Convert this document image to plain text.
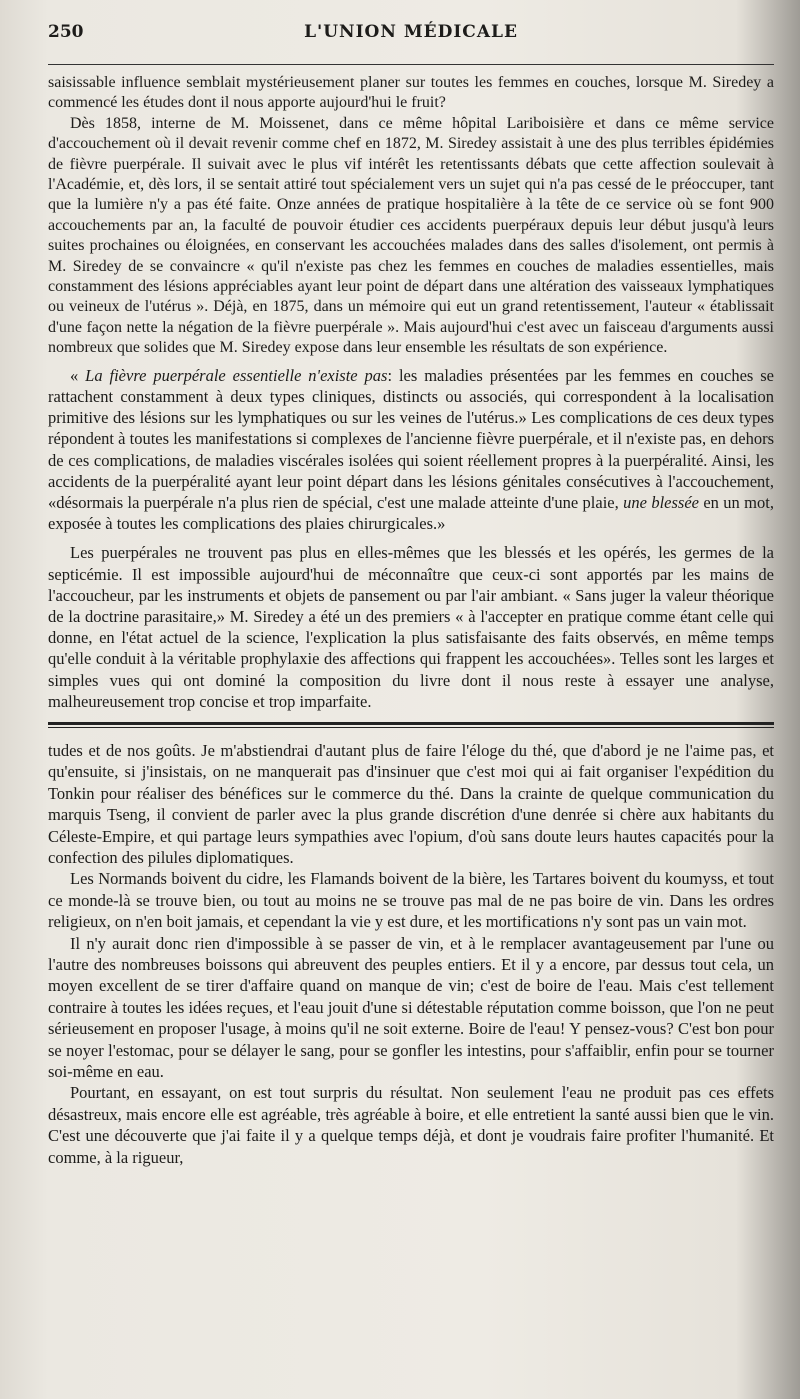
250	L'UNION MÉDICALE

saisissable influence semblait mystérieusement planer sur toutes les femmes en couches, lorsque M. Siredey a commencé les études dont il nous apporte aujourd'hui le fruit?

Dès 1858, interne de M. Moissenet, dans ce même hôpital Lariboisière et dans ce même service d'accouchement où il devait revenir comme chef en 1872, M. Siredey assistait à une des plus terribles épidémies de fièvre puerpérale. Il suivait avec le plus vif intérêt les retentissants débats que cette affection soulevait à l'Académie, et, dès lors, il se sentait attiré tout spécialement vers un sujet qui n'a pas cessé de le préoccuper, tant que la lumière n'y a pas été faite. Onze années de pratique hospitalière à la tête de ce service où se font 900 accouchements par an, la faculté de pouvoir étudier ces accidents puerpéraux depuis leur début jusqu'à leurs suites prochaines ou éloignées, en conservant les accouchées malades dans des salles d'isolement, ont permis à M. Siredey de se convaincre « qu'il n'existe pas chez les femmes en couches de maladies essentielles, mais constamment des lésions appréciables ayant leur point de départ dans une altération des vaisseaux lymphatiques ou veineux de l'utérus ». Déjà, en 1875, dans un mémoire qui eut un grand retentissement, l'auteur « établissait d'une façon nette la négation de la fièvre puerpérale ». Mais aujourd'hui c'est avec un faisceau d'arguments aussi nombreux que solides que M. Siredey expose dans leur ensemble les résultats de son expérience.

« La fièvre puerpérale essentielle n'existe pas: les maladies présentées par les femmes en couches se rattachent constamment à deux types cliniques, distincts ou associés, qui correspondent à la localisation primitive des lésions sur les lymphatiques ou sur les veines de l'utérus.» Les complications de ces deux types répondent à toutes les manifestations si complexes de l'ancienne fièvre puerpérale, et il n'existe pas, en dehors de ces complications, de maladies viscérales isolées qui soient réellement propres à la puerpéralité. Ainsi, les accidents de la puerpéralité ayant leur point départ dans les lésions génitales consécutives à l'accouchement, «désormais la puerpérale n'a plus rien de spécial, c'est une malade atteinte d'une plaie, une blessée en un mot, exposée à toutes les complications des plaies chirurgicales.»

Les puerpérales ne trouvent pas plus en elles-mêmes que les blessés et les opérés, les germes de la septicémie. Il est impossible aujourd'hui de méconnaître que ceux-ci sont apportés par les mains de l'accoucheur, par les instruments et objets de pansement ou par l'air ambiant. « Sans juger la valeur théorique de la doctrine parasitaire,» M. Siredey a été un des premiers « à l'accepter en pratique comme étant celle qui donne, en l'état actuel de la science, l'explication la plus satisfaisante des faits observés, en même temps qu'elle conduit à la véritable prophylaxie des affections qui frappent les accouchées». Telles sont les larges et simples vues qui ont dominé la composition du livre dont il nous reste à essayer une analyse, malheureusement trop concise et trop imparfaite.

tudes et de nos goûts. Je m'abstiendrai d'autant plus de faire l'éloge du thé, que d'abord je ne l'aime pas, et qu'ensuite, si j'insistais, on ne manquerait pas d'insinuer que c'est moi qui ai fait organiser l'expédition du Tonkin pour réaliser des bénéfices sur le commerce du thé. Dans la crainte de quelque communication du marquis Tseng, il convient de parler avec la plus grande discrétion d'une denrée si chère aux habitants du Céleste-Empire, et qui partage leurs sympathies avec l'opium, d'où sans doute leurs hautes capacités pour la confection des pilules diplomatiques.

Les Normands boivent du cidre, les Flamands boivent de la bière, les Tartares boivent du koumyss, et tout ce monde-là se trouve bien, ou tout au moins ne se trouve pas mal de ne pas boire de vin. Dans les ordres religieux, on n'en boit jamais, et cependant la vie y est dure, et les mortifications n'y sont pas un vain mot.

Il n'y aurait donc rien d'impossible à se passer de vin, et à le remplacer avantageusement par l'une ou l'autre des nombreuses boissons qui abreuvent des peuples entiers. Et il y a encore, par dessus tout cela, un moyen excellent de se tirer d'affaire quand on manque de vin; c'est de boire de l'eau. Mais c'est tellement contraire à toutes les idées reçues, et l'eau jouit d'une si détestable réputation comme boisson, que l'on ne peut sérieusement en proposer l'usage, à moins qu'il ne soit externe. Boire de l'eau! Y pensez-vous? C'est bon pour se noyer l'estomac, pour se délayer le sang, pour se gonfler les intestins, pour s'affaiblir, enfin pour se tourner soi-même en eau.

Pourtant, en essayant, on est tout surpris du résultat. Non seulement l'eau ne produit pas ces effets désastreux, mais encore elle est agréable, très agréable à boire, et elle entretient la santé aussi bien que le vin. C'est une découverte que j'ai faite il y a quelque temps déjà, et dont je voudrais faire profiter l'humanité. Et comme, à la rigueur,
